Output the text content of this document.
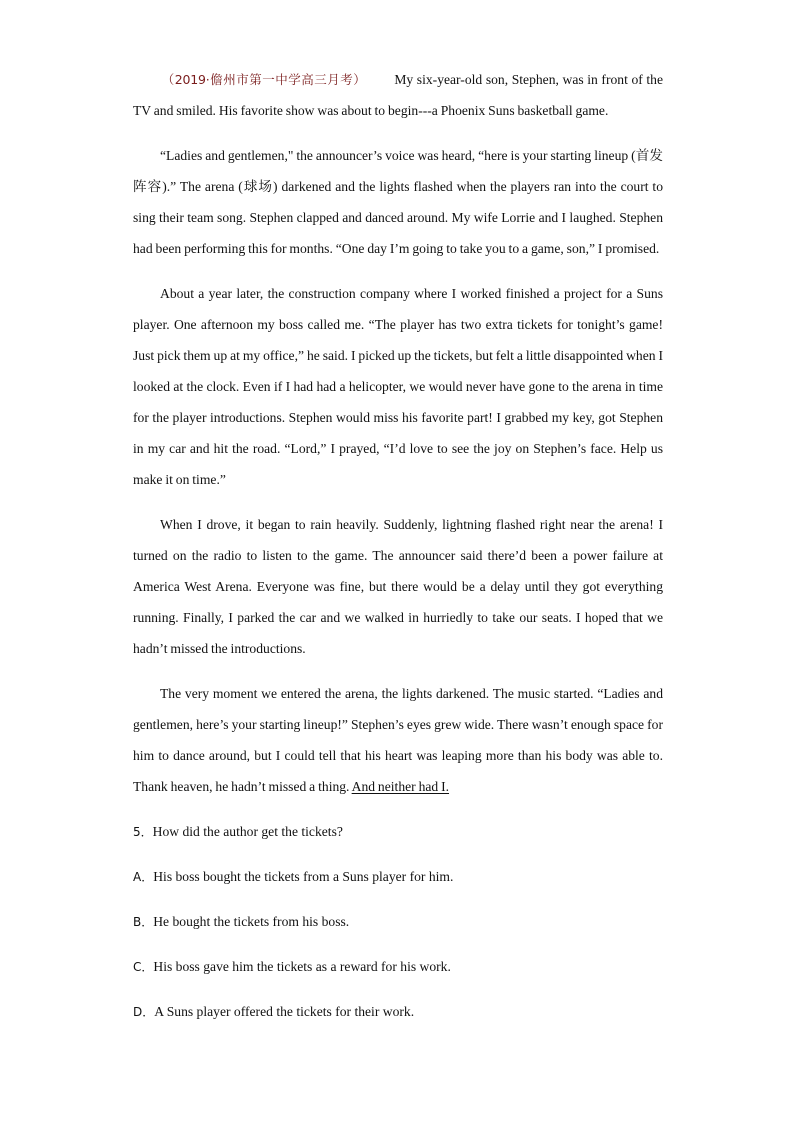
（2019·儋州市第一中学高三月考） My six-year-old son, Stephen, was in front of the TV and smiled. His favorite show was about to begin---a Phoenix Suns basketball game.

“Ladies and gentlemen," the announcer’s voice was heard, “here is your starting lineup (首发阵容).” The arena (球场) darkened and the lights flashed when the players ran into the court to sing their team song. Stephen clapped and danced around. My wife Lorrie and I laughed. Stephen had been performing this for months. “One day I’m going to take you to a game, son,” I promised.

About a year later, the construction company where I worked finished a project for a Suns player. One afternoon my boss called me. “The player has two extra tickets for tonight’s game! Just pick them up at my office,” he said. I picked up the tickets, but felt a little disappointed when I looked at the clock. Even if I had had a helicopter, we would never have gone to the arena in time for the player introductions. Stephen would miss his favorite part! I grabbed my key, got Stephen in my car and hit the road. “Lord,” I prayed, “I’d love to see the joy on Stephen’s face. Help us make it on time.”

When I drove, it began to rain heavily. Suddenly, lightning flashed right near the arena! I turned on the radio to listen to the game. The announcer said there’d been a power failure at America West Arena. Everyone was fine, but there would be a delay until they got everything running. Finally, I parked the car and we walked in hurriedly to take our seats. I hoped that we hadn’t missed the introductions.

The very moment we entered the arena, the lights darkened. The music started. “Ladies and gentlemen, here’s your starting lineup!” Stephen’s eyes grew wide. There wasn’t enough space for him to dance around, but I could tell that his heart was leaping more than his body was able to. Thank heaven, he hadn’t missed a thing. And neither had I.

5．How did the author get the tickets?

A．His boss bought the tickets from a Suns player for him.

B．He bought the tickets from his boss.

C．His boss gave him the tickets as a reward for his work.

D．A Suns player offered the tickets for their work.
